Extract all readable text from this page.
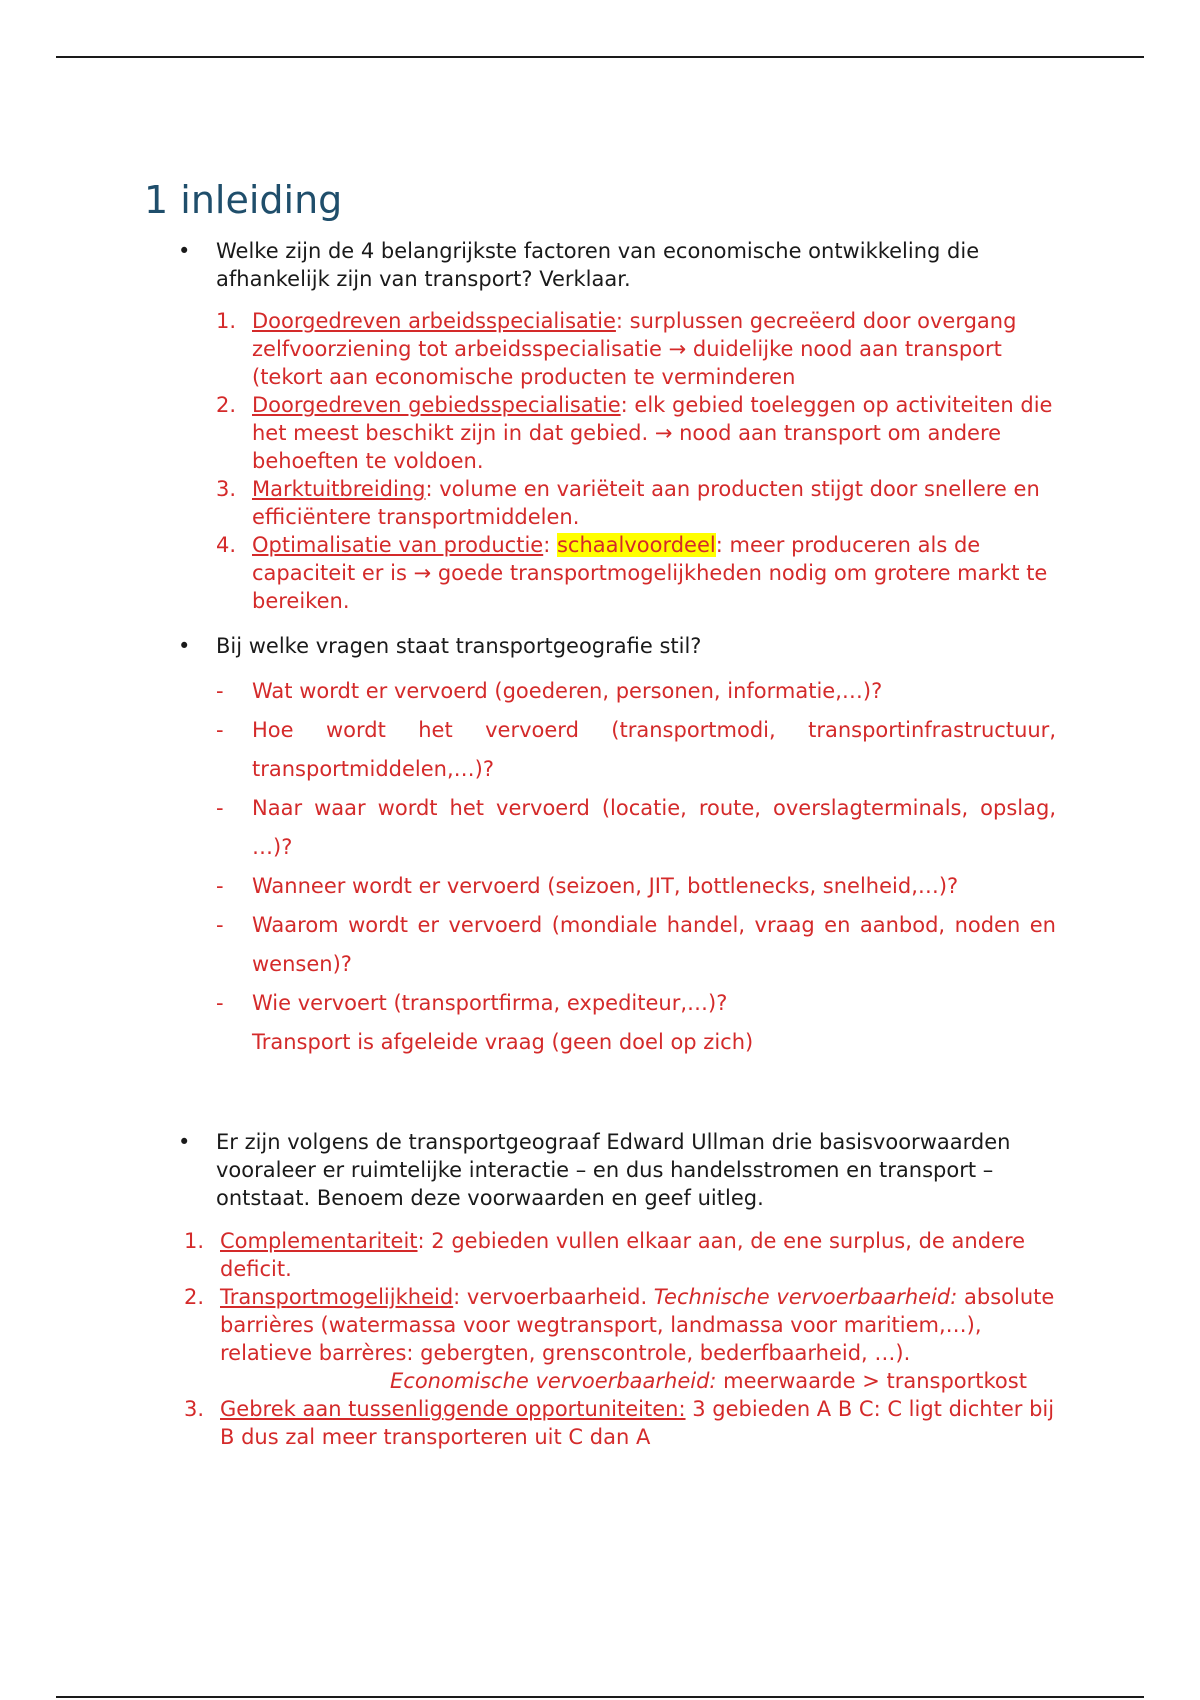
1 inleiding
• Welke zijn de 4 belangrijkste factoren van economische ontwikkeling die afhankelijk zijn van transport? Verklaar.
1. Doorgedreven arbeidsspecialisatie: surplussen gecreëerd door overgang zelfvoorziening tot arbeidsspecialisatie → duidelijke nood aan transport (tekort aan economische producten te verminderen
2. Doorgedreven gebiedsspecialisatie: elk gebied toeleggen op activiteiten die het meest beschikt zijn in dat gebied. → nood aan transport om andere behoeften te voldoen.
3. Marktuitbreiding: volume en variëteit aan producten stijgt door snellere en efficiëntere transportmiddelen.
4. Optimalisatie van productie: schaalvoordeel: meer produceren als de capaciteit er is → goede transportmogelijkheden nodig om grotere markt te bereiken.
• Bij welke vragen staat transportgeografie stil?
- Wat wordt er vervoerd (goederen, personen, informatie,…)?
- Hoe wordt het vervoerd (transportmodi, transportinfrastructuur, transportmiddelen,…)?
- Naar waar wordt het vervoerd (locatie, route, overslagterminals, opslag, …)?
- Wanneer wordt er vervoerd (seizoen, JIT, bottlenecks, snelheid,…)?
- Waarom wordt er vervoerd (mondiale handel, vraag en aanbod, noden en wensen)?
- Wie vervoert (transportfirma, expediteur,…)?
Transport is afgeleide vraag (geen doel op zich)
• Er zijn volgens de transportgeograaf Edward Ullman drie basisvoorwaarden vooraleer er ruimtelijke interactie – en dus handelsstromen en transport – ontstaat. Benoem deze voorwaarden en geef uitleg.
1. Complementariteit: 2 gebieden vullen elkaar aan, de ene surplus, de andere deficit.
2. Transportmogelijkheid: vervoerbaarheid. Technische vervoerbaarheid: absolute barrières (watermassa voor wegtransport, landmassa voor maritiem,…), relatieve barrères: gebergten, grenscontrole, bederfbaarheid, …).Economische vervoerbaarheid: meerwaarde > transportkost
3. Gebrek aan tussenliggende opportuniteiten: 3 gebieden A B C: C ligt dichter bij B dus zal meer transporteren uit C dan A
